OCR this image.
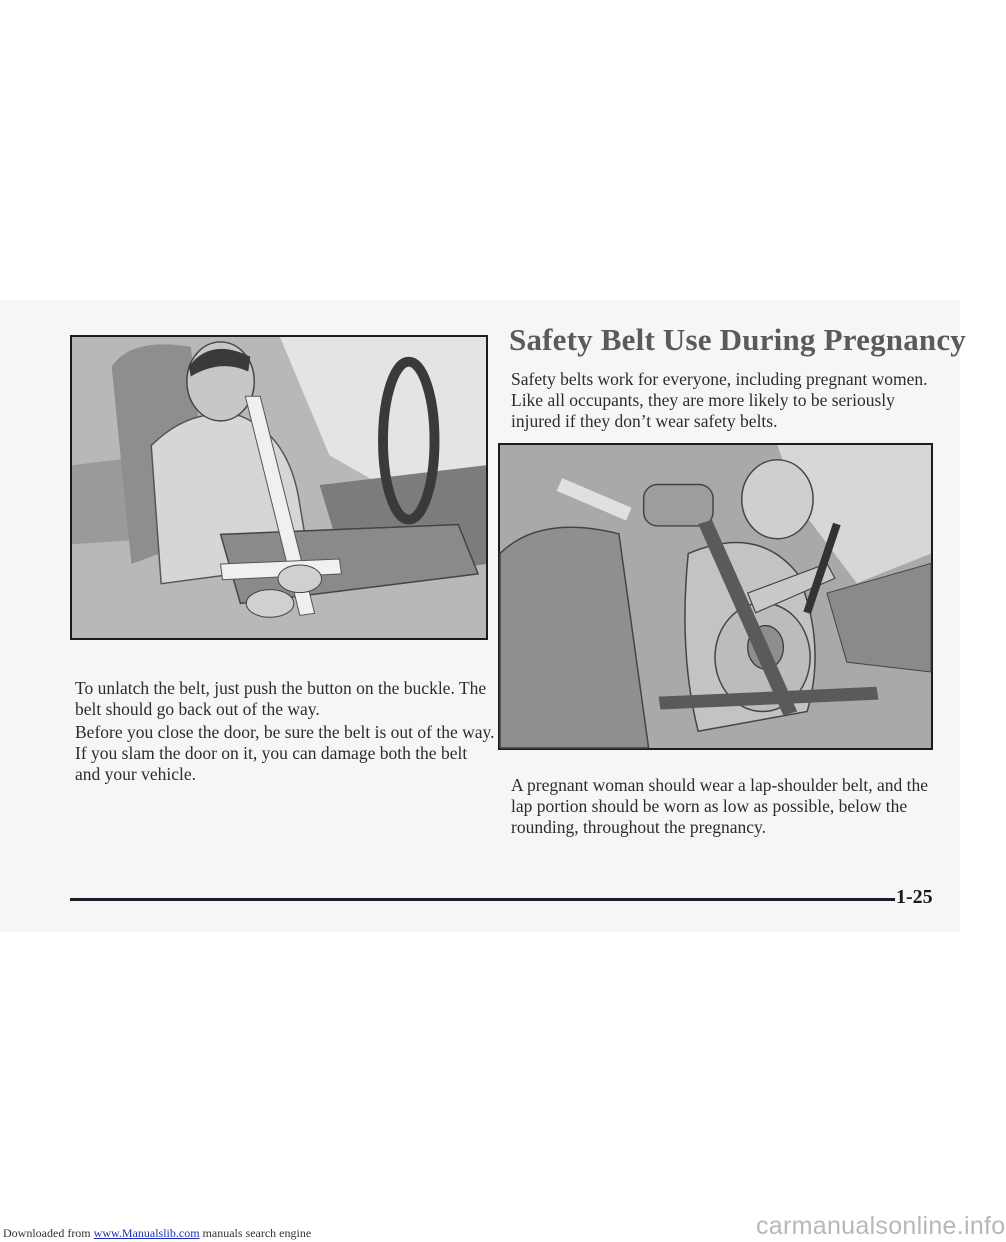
Safety Belt Use During Pregnancy

Safety belts work for everyone, including pregnant women. Like all occupants, they are more likely to be seriously injured if they don’t wear safety belts.

To unlatch the belt, just push the button on the buckle. The belt should go back out of the way.

Before you close the door, be sure the belt is out of the way. If you slam the door on it, you can damage both the belt and your vehicle.

A pregnant woman should wear a lap-shoulder belt, and the lap portion should be worn as low as possible, below the rounding, throughout the pregnancy.

1-25

Downloaded from www.Manualslib.com manuals search engine	carmanualsonline.info
